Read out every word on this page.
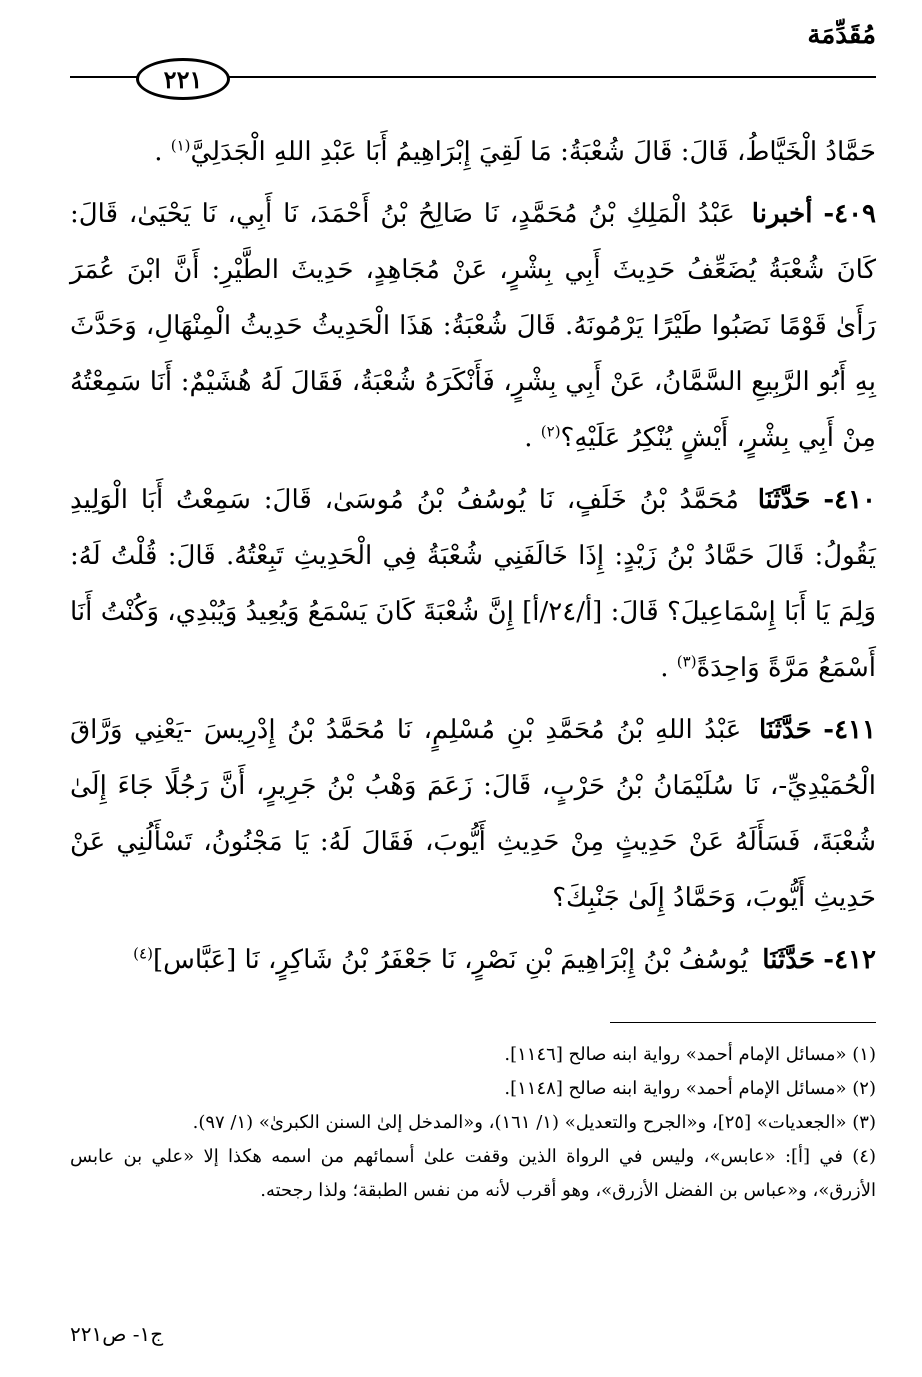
مُقَدِّمَة
٢٢١

حَمَّادُ الْخَيَّاطُ، قَالَ: قَالَ شُعْبَةُ: مَا لَقِيَ إِبْرَاهِيمُ أَبَا عَبْدِ اللهِ الْجَدَلِيَّ$^{(١)}$ .

٤٠٩- أخبرنا عَبْدُ الْمَلِكِ بْنُ مُحَمَّدٍ، نَا صَالِحُ بْنُ أَحْمَدَ، نَا أَبِي، نَا يَحْيَىٰ، قَالَ: كَانَ شُعْبَةُ يُضَعِّفُ حَدِيثَ أَبِي بِشْرٍ، عَنْ مُجَاهِدٍ، حَدِيثَ الطَّيْرِ: أَنَّ ابْنَ عُمَرَ رَأَىٰ قَوْمًا نَصَبُوا طَيْرًا يَرْمُونَهُ. قَالَ شُعْبَةُ: هَذَا الْحَدِيثُ حَدِيثُ الْمِنْهَالِ، وَحَدَّثَ بِهِ أَبُو الرَّبِيعِ السَّمَّانُ، عَنْ أَبِي بِشْرٍ، فَأَنْكَرَهُ شُعْبَةُ، فَقَالَ لَهُ هُشَيْمٌ: أَنَا سَمِعْتُهُ مِنْ أَبِي بِشْرٍ، أَيْشٍ يُنْكِرُ عَلَيْهِ؟$^{(٢)}$ .

٤١٠- حَدَّثَنَا مُحَمَّدُ بْنُ خَلَفٍ، نَا يُوسُفُ بْنُ مُوسَىٰ، قَالَ: سَمِعْتُ أَبَا الْوَلِيدِ يَقُولُ: قَالَ حَمَّادُ بْنُ زَيْدٍ: إِذَا خَالَفَنِي شُعْبَةُ فِي الْحَدِيثِ تَبِعْتُهُ. قَالَ: قُلْتُ لَهُ: وَلِمَ يَا أَبَا إِسْمَاعِيلَ؟ قَالَ: [أ/٢٤/أ] إِنَّ شُعْبَةَ كَانَ يَسْمَعُ وَيُعِيدُ وَيُبْدِي، وَكُنْتُ أَنَا أَسْمَعُ مَرَّةً وَاحِدَةً$^{(٣)}$ .

٤١١- حَدَّثَنَا عَبْدُ اللهِ بْنُ مُحَمَّدِ بْنِ مُسْلِمٍ، نَا مُحَمَّدُ بْنُ إِدْرِيسَ -يَعْنِي وَرَّاقَ الْحُمَيْدِيِّ-، نَا سُلَيْمَانُ بْنُ حَرْبٍ، قَالَ: زَعَمَ وَهْبُ بْنُ جَرِيرٍ، أَنَّ رَجُلًا جَاءَ إِلَىٰ شُعْبَةَ، فَسَأَلَهُ عَنْ حَدِيثٍ مِنْ حَدِيثِ أَيُّوبَ، فَقَالَ لَهُ: يَا مَجْنُونُ، تَسْأَلُنِي عَنْ حَدِيثِ أَيُّوبَ، وَحَمَّادُ إِلَىٰ جَنْبِكَ؟

٤١٢- حَدَّثَنَا يُوسُفُ بْنُ إِبْرَاهِيمَ بْنِ نَصْرٍ، نَا جَعْفَرُ بْنُ شَاكِرٍ، نَا [عَبَّاس]$^{(٤)}$

(١) «مسائل الإمام أحمد» رواية ابنه صالح [١١٤٦].

(٢) «مسائل الإمام أحمد» رواية ابنه صالح [١١٤٨].

(٣) «الجعديات» [٢٥]، و«الجرح والتعديل» (١/ ١٦١)، و«المدخل إلىٰ السنن الكبرىٰ» (١/ ٩٧).

(٤) في [أ]: «عابس»، وليس في الرواة الذين وقفت علىٰ أسمائهم من اسمه هكذا إلا «علي بن عابس الأزرق»، و«عباس بن الفضل الأزرق»، وهو أقرب لأنه من نفس الطبقة؛ ولذا رجحته.

ج١- ص٢٢١
